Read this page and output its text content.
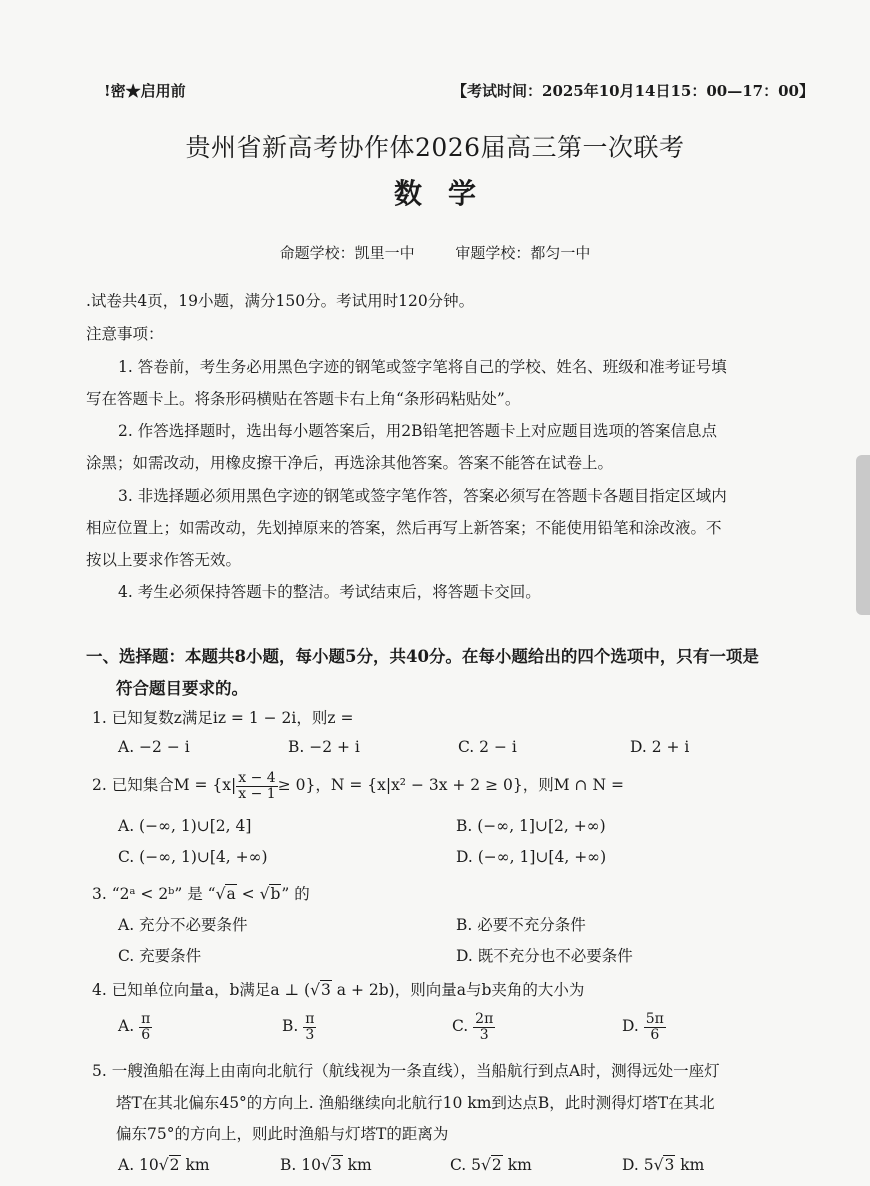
!密★启用前	【考试时间：2025年10月14日15：00—17：00】
贵州省新高考协作体2026届高三第一次联考
数学
命题学校：凯里一中	审题学校：都匀一中
.试卷共4页，19小题，满分150分。考试用时120分钟。
注意事项：
1. 答卷前，考生务必用黑色字迹的钢笔或签字笔将自己的学校、姓名、班级和准考证号填
写在答题卡上。将条形码横贴在答题卡右上角“条形码粘贴处”。
2. 作答选择题时，选出每小题答案后，用2B铅笔把答题卡上对应题目选项的答案信息点
涂黑；如需改动，用橡皮擦干净后，再选涂其他答案。答案不能答在试卷上。
3. 非选择题必须用黑色字迹的钢笔或签字笔作答，答案必须写在答题卡各题目指定区域内
相应位置上；如需改动，先划掉原来的答案，然后再写上新答案；不能使用铅笔和涂改液。不
按以上要求作答无效。
4. 考生必须保持答题卡的整洁。考试结束后，将答题卡交回。
一、选择题：本题共8小题，每小题5分，共40分。在每小题给出的四个选项中，只有一项是
符合题目要求的。
1. 已知复数z满足iz = 1 − 2i，则z =
A. −2 − i	B. −2 + i	C. 2 − i	D. 2 + i
2. 已知集合$M = \{x| \frac{x - 4}{x - 1} \ge 0\}$，N = {x|x² − 3x + 2 ≥ 0}，则M ∩ N =
A. (−∞, 1)∪[2, 4]	B. (−∞, 1]∪[2, +∞)
C. (−∞, 1)∪[4, +∞)	D. (−∞, 1]∪[4, +∞)
3. “2ᵃ < 2ᵇ” 是 “√a < √b” 的
A. 充分不必要条件	B. 必要不充分条件
C. 充要条件	D. 既不充分也不必要条件
4. 已知单位向量a，b满足a ⊥ (√3 a + 2b)，则向量a与b夹角的大小为
A. $\frac{\pi}{6}$	B. $\frac{\pi}{3}$	C. $\frac{2\pi}{3}$	D. $\frac{5\pi}{6}$
5. 一艘渔船在海上由南向北航行（航线视为一条直线），当船航行到点A时，测得远处一座灯
塔T在其北偏东45°的方向上. 渔船继续向北航行10 km到达点B，此时测得灯塔T在其北
偏东75°的方向上，则此时渔船与灯塔T的距离为
A. 10√2 km	B. 10√3 km	C. 5√2 km	D. 5√3 km
